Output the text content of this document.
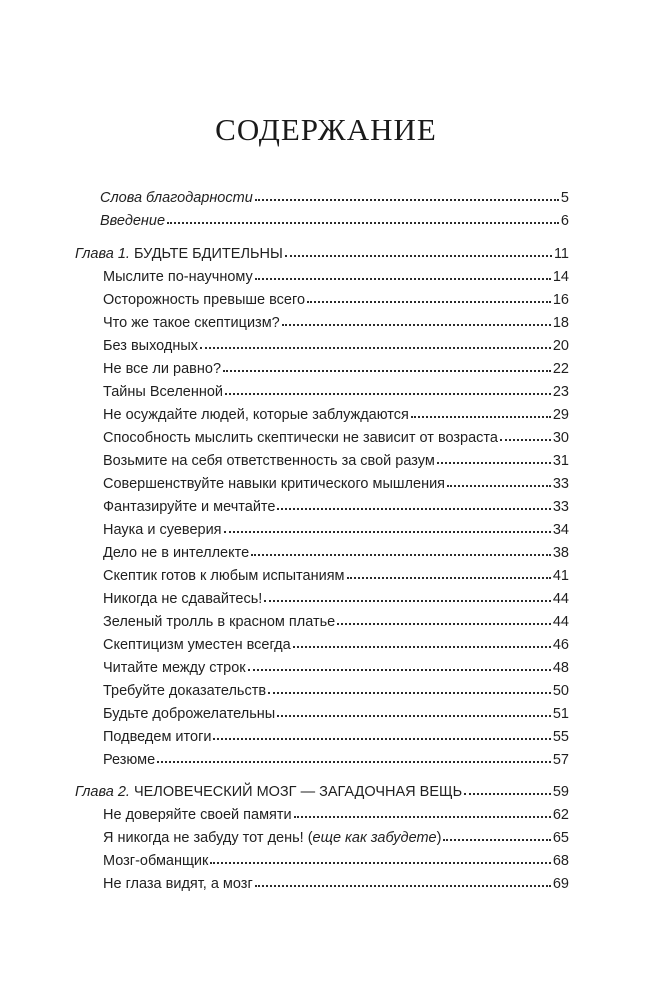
СОДЕРЖАНИЕ
Слова благодарности	5
Введение	6
Глава 1. БУДЬТЕ БДИТЕЛЬНЫ	11
Мыслите по-научному	14
Осторожность превыше всего	16
Что же такое скептицизм?	18
Без выходных	20
Не все ли равно?	22
Тайны Вселенной	23
Не осуждайте людей, которые заблуждаются	29
Способность мыслить скептически не зависит от возраста	30
Возьмите на себя ответственность за свой разум	31
Совершенствуйте навыки критического мышления	33
Фантазируйте и мечтайте	33
Наука и суеверия	34
Дело не в интеллекте	38
Скептик готов к любым испытаниям	41
Никогда не сдавайтесь!	44
Зеленый тролль в красном платье	44
Скептицизм уместен всегда	46
Читайте между строк	48
Требуйте доказательств	50
Будьте доброжелательны	51
Подведем итоги	55
Резюме	57
Глава 2. ЧЕЛОВЕЧЕСКИЙ МОЗГ — ЗАГАДОЧНАЯ ВЕЩЬ	59
Не доверяйте своей памяти	62
Я никогда не забуду тот день! (еще как забудете)	65
Мозг-обманщик	68
Не глаза видят, а мозг	69
